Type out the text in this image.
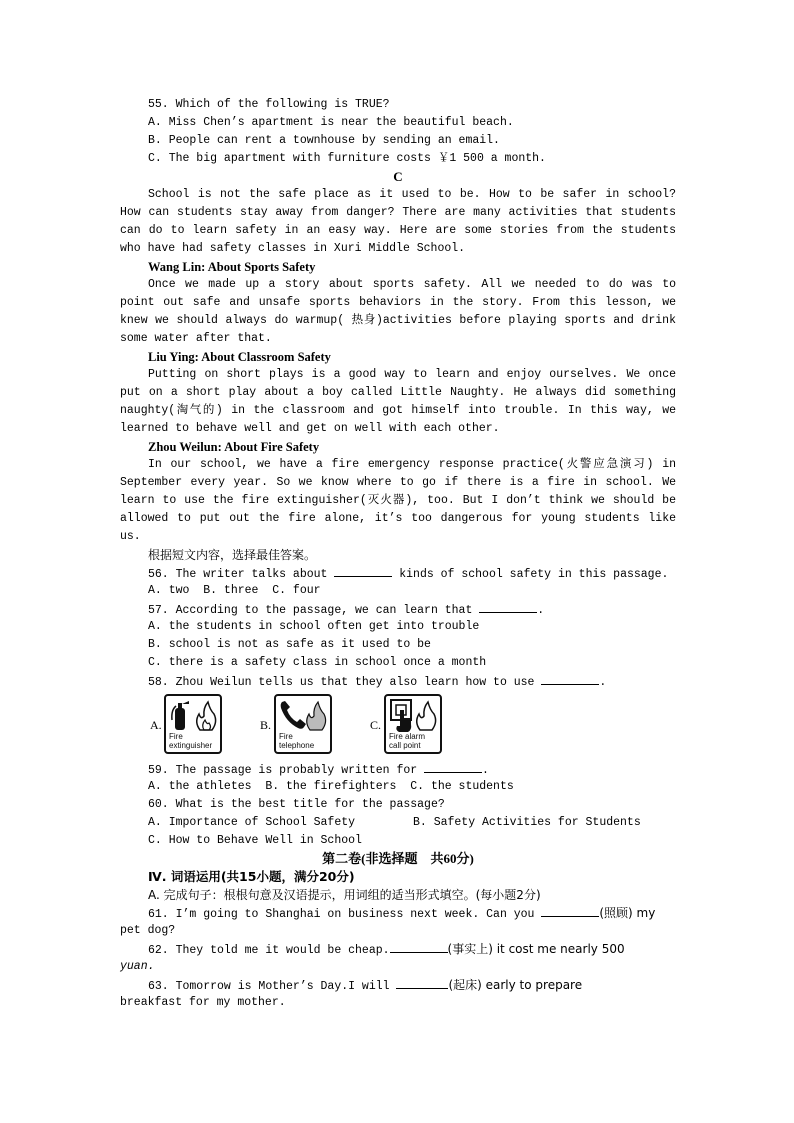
55. Which of the following is TRUE?
A. Miss Chen’s apartment is near the beautiful beach.
B. People can rent a townhouse by sending an email.
C. The big apartment with furniture costs ￥1 500 a month.
C

School is not the safe place as it used to be. How to be safer in school? How can students stay away from danger? There are many activities that students can do to learn safety in an easy way. Here are some stories from the students who have had safety classes in Xuri Middle School.

Wang Lin: About Sports Safety

Once we made up a story about sports safety. All we needed to do was to point out safe and unsafe sports behaviors in the story. From this lesson, we knew we should always do warmup( 热身)activities before playing sports and drink some water after that.

Liu Ying: About Classroom Safety

Putting on short plays is a good way to learn and enjoy ourselves. We once put on a short play about a boy called Little Naughty. He always did something naughty(淘气的) in the classroom and got himself into trouble. In this way, we learned to behave well and get on well with each other.

Zhou Weilun: About Fire Safety

In our school, we have a fire emergency response practice(火警应急演习) in September every year. So we know where to go if there is a fire in school. We learn to use the fire extinguisher(灭火器), too. But I don’t think we should be allowed to put out the fire alone, it’s too dangerous for young students like us.

根据短文内容，选择最佳答案。
56. The writer talks about	kinds of school safety in this passage.
A. two  B. three  C. four
57. According to the passage, we can learn that	.
A. the students in school often get into trouble
B. school is not as safe as it used to be
C. there is a safety class in school once a month
58. Zhou Weilun tells us that they also learn how to use	.
A.
Fire
extinguisher
B.
Fire
telephone
C.
Fire alarm
call point
59. The passage is probably written for	.
A. the athletes  B. the firefighters  C. the students
60. What is the best title for the passage?
A. Importance of School Safety	B. Safety Activities for Students
C. How to Behave Well in School
第二卷(非选择题　共60分)
Ⅳ. 词语运用(共15小题，满分20分)
A. 完成句子：根根句意及汉语提示，用词组的适当形式填空。(每小题2分)
61. I’m going to Shanghai on business next week. Can you	(照顾) my
pet dog?
62. They told me it would be cheap.	(事实上) it cost me nearly 500
yuan.
63. Tomorrow is Mother’s Day.I will	(起床) early to prepare
breakfast for my mother.
